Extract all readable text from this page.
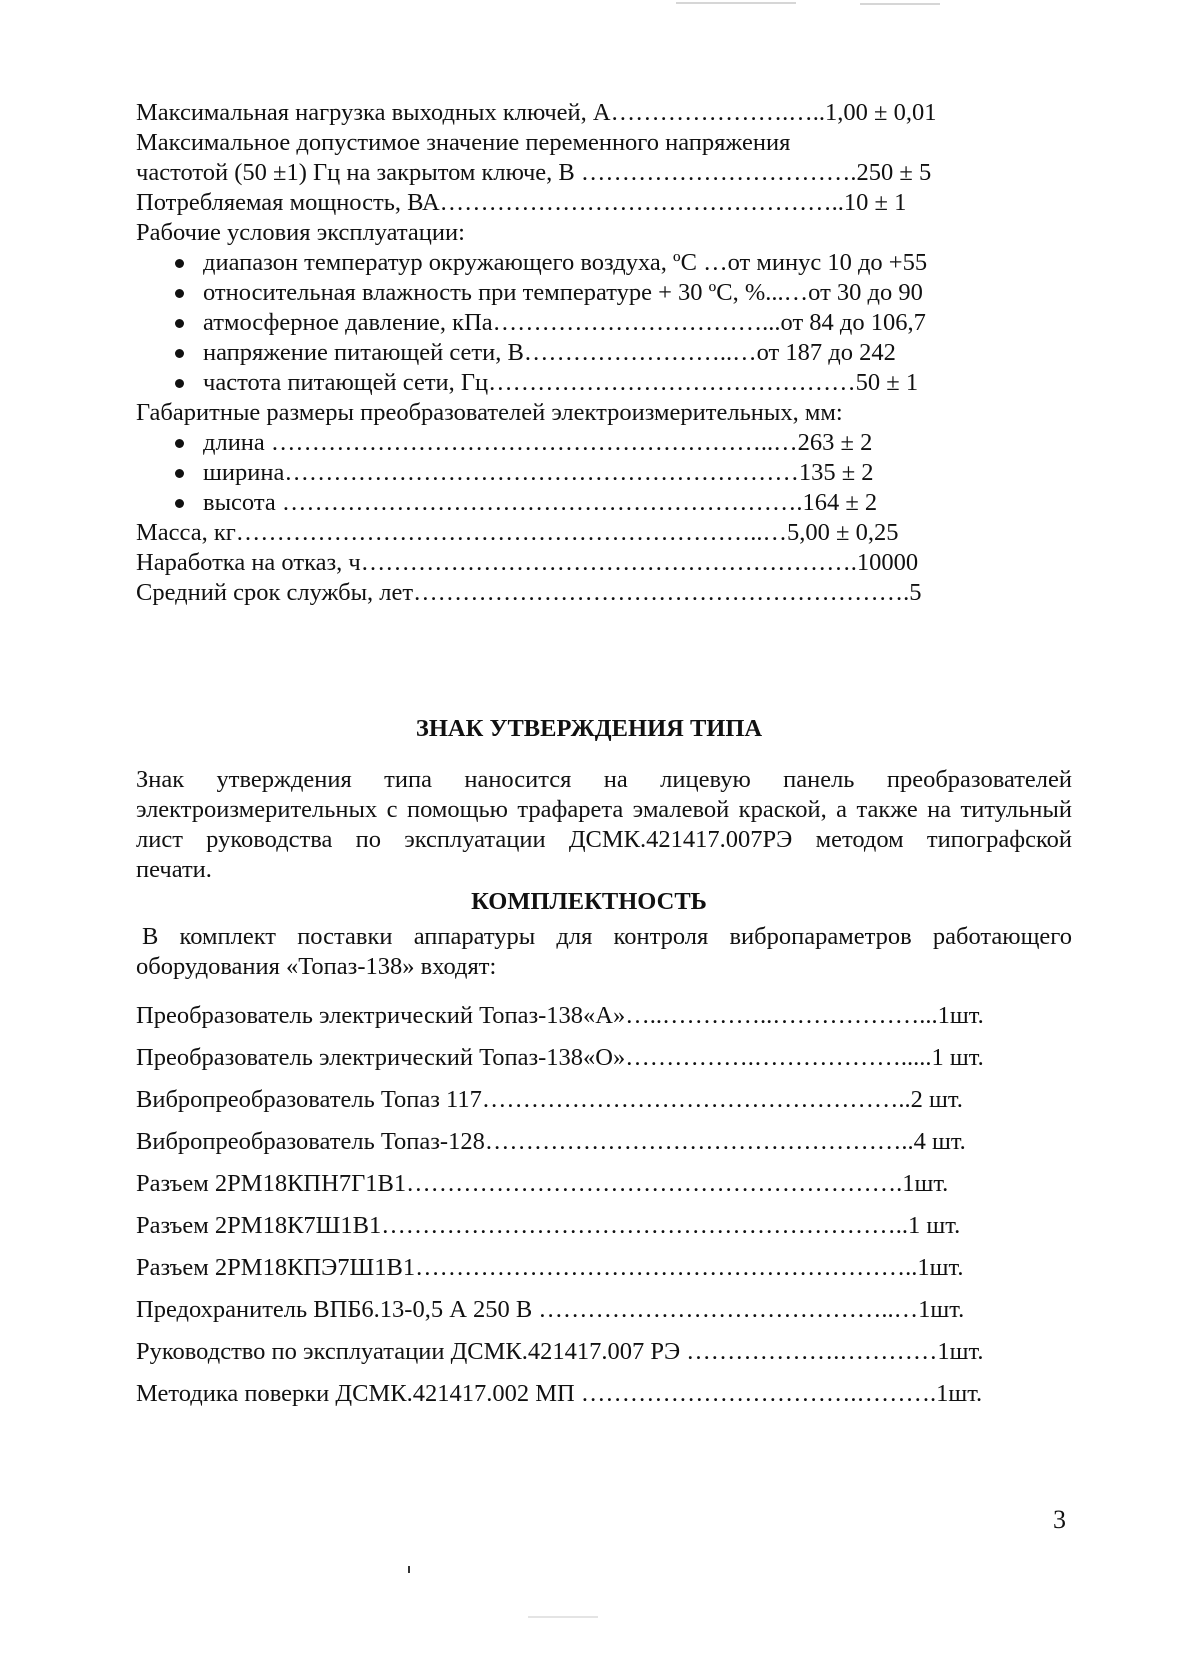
Максимальная нагрузка выходных ключей, А………………….…..1,00 ± 0,01
Максимальное допустимое значение переменного напряжения
частотой (50 ±1) Гц на закрытом ключе, В …………………………….250 ± 5
Потребляемая мощность, ВА…………………………………………..10 ± 1
Рабочие условия эксплуатации:
диапазон температур окружающего воздуха, ºС …от минус 10 до +55
относительная влажность при температуре + 30 ºС, %...…от 30 до 90
атмосферное давление, кПа……………………………...от 84 до 106,7
напряжение питающей сети, В……………………..…от 187 до 242
частота питающей сети, Гц………………………………………50 ± 1
Габаритные размеры преобразователей электроизмерительных, мм:
длина ……………………………………………………..…263 ± 2
ширина………………………………………………………135 ± 2
высота ……………………………………………………….164 ± 2
Масса, кг………………………………………………………..…5,00 ± 0,25
Наработка на отказ, ч…………………………………………………….10000
Средний срок службы, лет…………………………………………………….5
ЗНАК УТВЕРЖДЕНИЯ ТИПА
Знак утверждения типа наносится на лицевую панель преобразователей
электроизмерительных с помощью трафарета эмалевой краской, а также на титульный
лист руководства по эксплуатации ДСМК.421417.007РЭ методом типографской
печати.
КОМПЛЕКТНОСТЬ
В комплект поставки аппаратуры для контроля вибропараметров работающего
оборудования «Топаз-138» входят:
Преобразователь электрический Топаз-138«А»…..…………..………………...1шт.
Преобразователь электрический Топаз-138«О»…………….……………….....1 шт.
Вибропреобразователь Топаз 117……………………………………………..2 шт.
Вибропреобразователь Топаз-128……………………………………………..4 шт.
Разъем 2РМ18КПН7Г1В1…………………………………………………….1шт.
Разъем 2РМ18К7Ш1В1………………………………………………………..1 шт.
Разъем 2РМ18КПЭ7Ш1В1……………………………………………………..1шт.
Предохранитель ВПБ6.13-0,5 А 250 В ……………………………………..…1шт.
Руководство по эксплуатации ДСМК.421417.007 РЭ ……………….…………1шт.
Методика поверки ДСМК.421417.002 МП …………………………….……….1шт.
3
